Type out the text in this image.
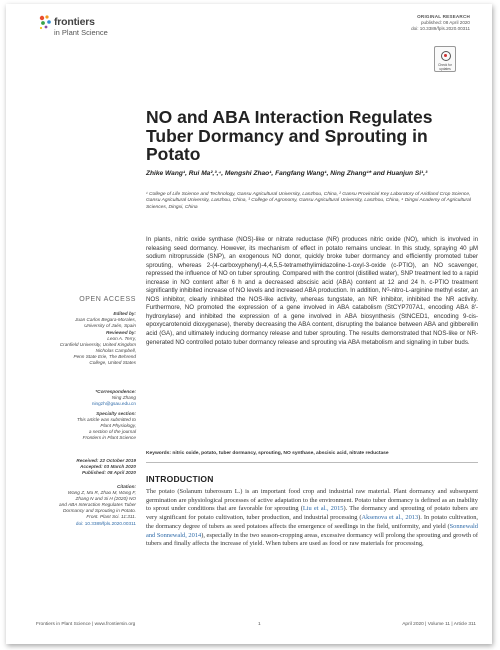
frontiers
in Plant Science
ORIGINAL RESEARCH
published: 08 April 2020
doi: 10.3389/fpls.2020.00311
Check for updates
NO and ABA Interaction Regulates Tuber Dormancy and Sprouting in Potato
Zhike Wang¹, Rui Ma²,³,⁴, Mengshi Zhao¹, Fangfang Wang¹, Ning Zhang¹* and Huanjun Si¹,³
¹ College of Life Science and Technology, Gansu Agricultural University, Lanzhou, China, ² Gansu Provincial Key Laboratory of Aridland Crop Science, Gansu Agricultural University, Lanzhou, China, ³ College of Agronomy, Gansu Agricultural University, Lanzhou, China, ⁴ Dingxi Academy of Agricultural Sciences, Dingxi, China

In plants, nitric oxide synthase (NOS)-like or nitrate reductase (NR) produces nitric oxide (NO), which is involved in releasing seed dormancy. However, its mechanism of effect in potato remains unclear. In this study, spraying 40 μM sodium nitroprusside (SNP), an exogenous NO donor, quickly broke tuber dormancy and efficiently promoted tuber sprouting, whereas 2-(4-carboxyphenyl)-4,4,5,5-tetramethylimidazoline-1-oxyl-3-oxide (c-PTIO), an NO scavenger, repressed the influence of NO on tuber sprouting. Compared with the control (distilled water), SNP treatment led to a rapid increase in NO content after 6 h and a decreased abscisic acid (ABA) content at 12 and 24 h. c-PTIO treatment significantly inhibited increase of NO levels and increased ABA production. In addition, Nᴳ-nitro-L-arginine methyl ester, an NOS inhibitor, clearly inhibited the NOS-like activity, whereas tungstate, an NR inhibitor, inhibited the NR activity. Furthermore, NO promoted the expression of a gene involved in ABA catabolism (StCYP707A1, encoding ABA 8′-hydroxylase) and inhibited the expression of a gene involved in ABA biosynthesis (StNCED1, encoding 9-cis-epoxycarotenoid dioxygenase), thereby decreasing the ABA content, disrupting the balance between ABA and gibberellin acid (GA), and ultimately inducing dormancy release and tuber sprouting. The results demonstrated that NOS-like or NR-generated NO controlled potato tuber dormancy release and sprouting via ABA metabolism and signaling in tuber buds.

Keywords: nitric oxide, potato, tuber dormancy, sprouting, NO synthase, abscisic acid, nitrate reductase
INTRODUCTION

The potato (Solanum tuberosum L.) is an important food crop and industrial raw material. Plant dormancy and subsequent germination are physiological processes of active adaptation to the environment. Potato tuber dormancy is defined as an inability to sprout under conditions that are favorable for sprouting (Liu et al., 2015). The dormancy and sprouting of potato tubers are very significant for potato cultivation, tuber production, and industrial processing (Aksenova et al., 2013). In potato cultivation, the dormancy degree of tubers as seed potatoes affects the emergence of seedlings in the field, uniformity, and yield (Sonnewald and Sonnewald, 2014), especially in the two season-cropping areas, excessive dormancy will prolong the sprouting and growth of tubers and finally affects the increase of yield. When tubers are used as food or raw materials for processing,

OPEN ACCESS
Edited by:
Juan Carlos Begara-Morales,
University of Jaén, Spain
Reviewed by:
Leon A. Terry,
Cranfield University, United Kingdom
Nicholas Campbell,
Penn State Erie, The Behrend
College, United States
*Correspondence:
Ning Zhang
ningzh@gsau.edu.cn
Specialty section:
This article was submitted to
Plant Physiology,
a section of the journal
Frontiers in Plant Science
Received: 22 October 2019
Accepted: 03 March 2020
Published: 08 April 2020
Citation:
Wang Z, Ma R, Zhao M, Wang F,
Zhang N and Si H (2020) NO
and ABA Interaction Regulates Tuber
Dormancy and Sprouting in Potato.
Front. Plant Sci. 11:311.
doi: 10.3389/fpls.2020.00311
Frontiers in Plant Science | www.frontiersin.org	1	April 2020 | Volume 11 | Article 311
